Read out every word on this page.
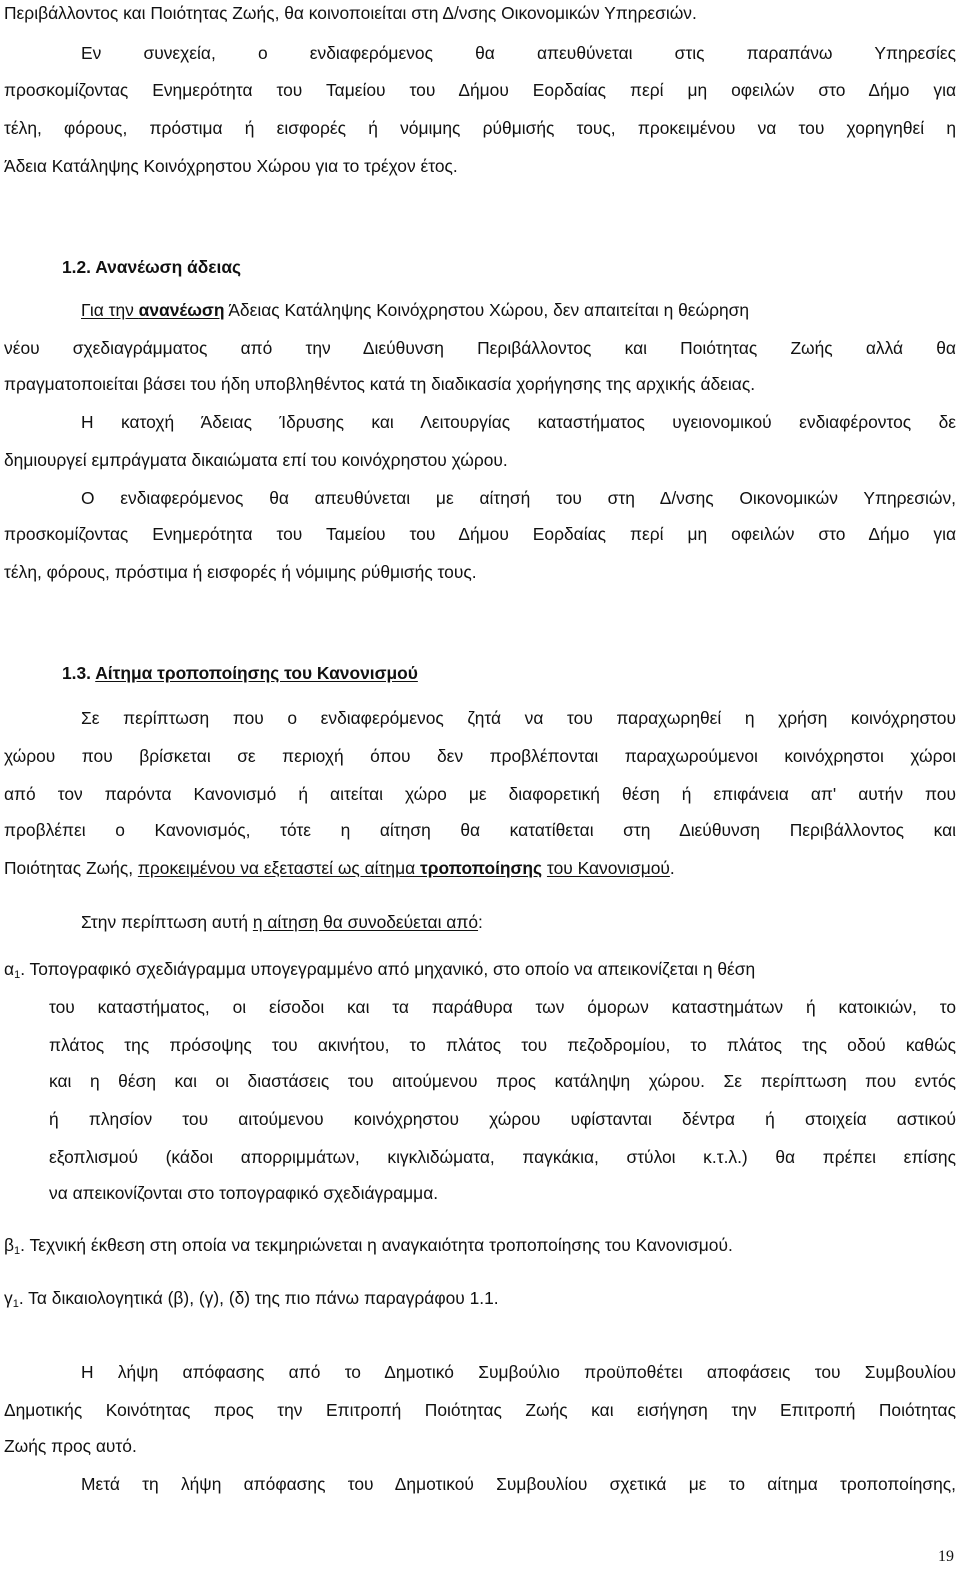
Περιβάλλοντος και Ποιότητας Ζωής, θα κοινοποιείται στη Δ/νσης Οικονομικών Υπηρεσιών.
Εν συνεχεία, ο ενδιαφερόμενος θα απευθύνεται στις παραπάνω Υπηρεσίες
προσκομίζοντας Ενημερότητα του Ταμείου του Δήμου Εορδαίας περί μη οφειλών στο Δήμο για
τέλη, φόρους, πρόστιμα ή εισφορές ή νόμιμης ρύθμισής τους, προκειμένου να του χορηγηθεί η
Άδεια Κατάληψης Κοινόχρηστου Χώρου για το τρέχον έτος.
1.2. Ανανέωση άδειας
Για την ανανέωση Άδειας Κατάληψης Κοινόχρηστου Χώρου, δεν απαιτείται η θεώρηση
νέου σχεδιαγράμματος από την Διεύθυνση Περιβάλλοντος και Ποιότητας Ζωής αλλά θα
πραγματοποιείται βάσει του ήδη υποβληθέντος κατά τη διαδικασία χορήγησης της αρχικής άδειας.
Η κατοχή Άδειας Ίδρυσης και Λειτουργίας καταστήματος υγειονομικού ενδιαφέροντος δε
δημιουργεί εμπράγματα δικαιώματα επί του κοινόχρηστου χώρου.
Ο ενδιαφερόμενος θα απευθύνεται με αίτησή του στη Δ/νσης Οικονομικών Υπηρεσιών,
προσκομίζοντας Ενημερότητα του Ταμείου του Δήμου Εορδαίας περί μη οφειλών στο Δήμο για
τέλη, φόρους, πρόστιμα ή εισφορές ή νόμιμης ρύθμισής τους.
1.3. Αίτημα τροποποίησης του Κανονισμού
Σε περίπτωση που ο ενδιαφερόμενος ζητά να του παραχωρηθεί η χρήση κοινόχρηστου
χώρου που βρίσκεται σε περιοχή όπου δεν προβλέπονται παραχωρούμενοι κοινόχρηστοι χώροι
από τον παρόντα Κανονισμό ή αιτείται χώρο με διαφορετική θέση ή επιφάνεια απ' αυτήν που
προβλέπει ο Κανονισμός, τότε η αίτηση θα κατατίθεται στη Διεύθυνση Περιβάλλοντος και
Ποιότητας Ζωής, προκειμένου να εξεταστεί ως αίτημα τροποποίησης του Κανονισμού.
Στην περίπτωση αυτή η αίτηση θα συνοδεύεται από:
$\alpha_1$. Τοπογραφικό σχεδιάγραμμα υπογεγραμμένο από μηχανικό, στο οποίο να απεικονίζεται η θέση
του καταστήματος, οι είσοδοι και τα παράθυρα των όμορων καταστημάτων ή κατοικιών, το
πλάτος της πρόσοψης του ακινήτου, το πλάτος του πεζοδρομίου, το πλάτος της οδού καθώς
και η θέση και οι διαστάσεις του αιτούμενου προς κατάληψη χώρου. Σε περίπτωση που εντός
ή πλησίον του αιτούμενου κοινόχρηστου χώρου υφίστανται δέντρα ή στοιχεία αστικού
εξοπλισμού (κάδοι απορριμμάτων, κιγκλιδώματα, παγκάκια, στύλοι κ.τ.λ.) θα πρέπει επίσης
να απεικονίζονται στο τοπογραφικό σχεδιάγραμμα.
$\beta_1$. Τεχνική έκθεση στη οποία να τεκμηριώνεται η αναγκαιότητα τροποποίησης του Κανονισμού.
$\gamma_1$. Τα δικαιολογητικά (β), (γ), (δ) της πιο πάνω παραγράφου 1.1.
Η λήψη απόφασης από το Δημοτικό Συμβούλιο προϋποθέτει αποφάσεις του Συμβουλίου
Δημοτικής Κοινότητας προς την Επιτροπή Ποιότητας Ζωής και εισήγηση την Επιτροπή Ποιότητας
Ζωής προς αυτό.
Μετά τη λήψη απόφασης του Δημοτικού Συμβουλίου σχετικά με το αίτημα τροποποίησης,
19
